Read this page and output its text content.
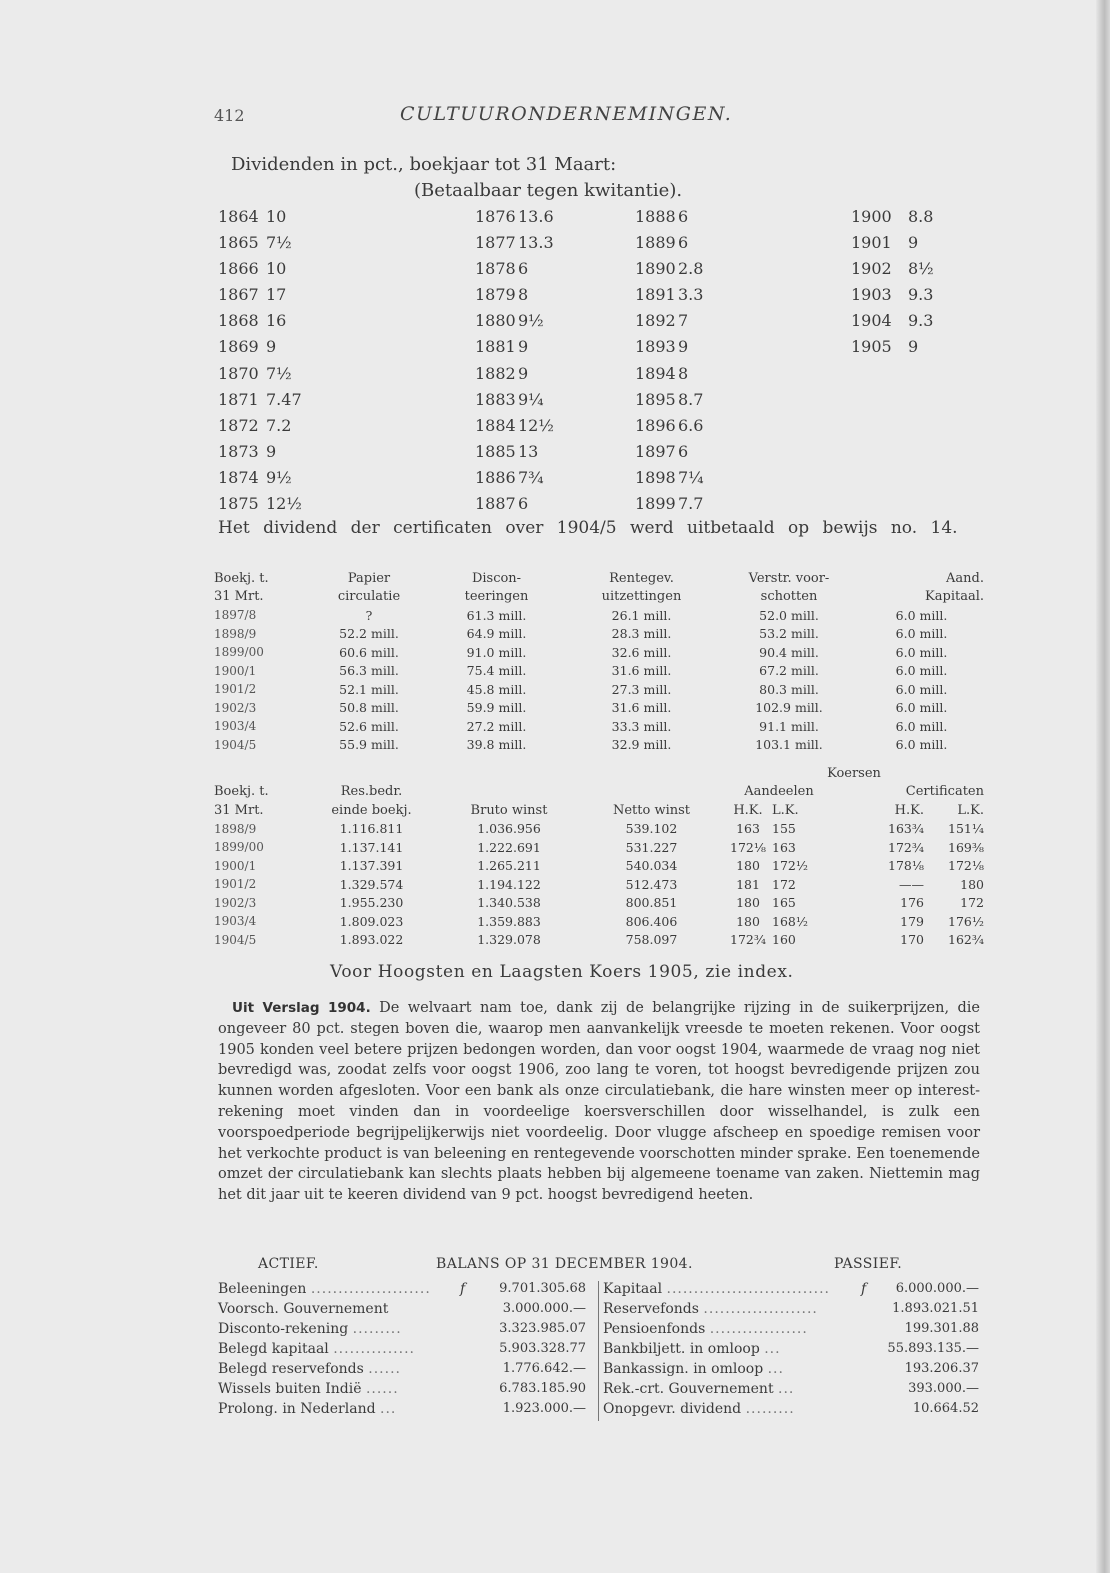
412	CULTUURONDERNEMINGEN.
Dividenden in pct., boekjaar tot 31 Maart:
(Betaalbaar tegen kwitantie).
1864 10	1876 13.6	1888 6	1900 8.8
1865 7½	1877 13.3	1889 6	1901 9
1866 10	1878 6	1890 2.8	1902 8½
1867 17	1879 8	1891 3.3	1903 9.3
1868 16	1880 9½	1892 7	1904 9.3
1869 9	1881 9	1893 9	1905 9
1870 7½	1882 9	1894 8
1871 7.47	1883 9¼	1895 8.7
1872 7.2	1884 12½	1896 6.6
1873 9	1885 13	1897 6
1874 9½	1886 7¾	1898 7¼
1875 12½	1887 6	1899 7.7
Het dividend der certificaten over 1904/5 werd uitbetaald op bewijs no. 14.
Boekj. t.	Papier	Discon-	Rentegev.	Verstr. voor-	Aand.
31 Mrt.	circulatie	teeringen	uitzettingen	schotten	Kapitaal.
1897/8	?	61.3 mill.	26.1 mill.	52.0 mill.	6.0 mill.
1898/9	52.2 mill.	64.9 mill.	28.3 mill.	53.2 mill.	6.0 mill.
1899/00	60.6 mill.	91.0 mill.	32.6 mill.	90.4 mill.	6.0 mill.
1900/1	56.3 mill.	75.4 mill.	31.6 mill.	67.2 mill.	6.0 mill.
1901/2	52.1 mill.	45.8 mill.	27.3 mill.	80.3 mill.	6.0 mill.
1902/3	50.8 mill.	59.9 mill.	31.6 mill.	102.9 mill.	6.0 mill.
1903/4	52.6 mill.	27.2 mill.	33.3 mill.	91.1 mill.	6.0 mill.
1904/5	55.9 mill.	39.8 mill.	32.9 mill.	103.1 mill.	6.0 mill.
				Koersen			
Boekj. t.	Res.bedr.			Aandeelen		Certificaten	
31 Mrt.	einde boekj.	Bruto winst	Netto winst	H.K.	L.K.	H.K.	L.K.
1898/9	1.116.811	1.036.956	539.102	163	155	163¾	151¼
1899/00	1.137.141	1.222.691	531.227	172⅛	163	172¾	169⅜
1900/1	1.137.391	1.265.211	540.034	180	172½	178⅛	172⅛
1901/2	1.329.574	1.194.122	512.473	181	172	——	180
1902/3	1.955.230	1.340.538	800.851	180	165	176	172
1903/4	1.809.023	1.359.883	806.406	180	168½	179	176½
1904/5	1.893.022	1.329.078	758.097	172¾	160	170	162¾
Voor Hoogsten en Laagsten Koers 1905, zie index.
Uit Verslag 1904. De welvaart nam toe, dank zij de belangrijke rijzing in de suikerprijzen, die ongeveer 80 pct. stegen boven die, waarop men aanvankelijk vreesde te moeten rekenen. Voor oogst 1905 konden veel betere prijzen bedongen worden, dan voor oogst 1904, waarmede de vraag nog niet bevredigd was, zoodat zelfs voor oogst 1906, zoo lang te voren, tot hoogst bevredigende prijzen zou kunnen worden afgesloten. Voor een bank als onze circulatiebank, die hare winsten meer op interest-rekening moet vinden dan in voordeelige koersverschillen door wisselhandel, is zulk een voorspoedperiode begrijpelijkerwijs niet voordeelig. Door vlugge afscheep en spoedige remisen voor het verkochte product is van beleening en rentegevende voorschotten minder sprake. Een toenemende omzet der circulatiebank kan slechts plaats hebben bij algemeene toename van zaken. Niettemin mag het dit jaar uit te keeren dividend van 9 pct. hoogst bevredigend heeten.
ACTIEF.	BALANS OP 31 DECEMBER 1904.	PASSIEF.
Beleeningen ...................... f	9.701.305.68
Voorsch. Gouvernement	3.000.000.—
Disconto-rekening .........	3.323.985.07
Belegd kapitaal ...............	5.903.328.77
Belegd reservefonds ......	1.776.642.—
Wissels buiten Indië ......	6.783.185.90
Prolong. in Nederland ...	1.923.000.—
Kapitaal .............................. f 6.000.000.—
Reservefonds .....................	1.893.021.51
Pensioenfonds ..................	199.301.88
Bankbiljett. in omloop ...	55.893.135.—
Bankassign. in omloop ...	193.206.37
Rek.-crt. Gouvernement ...	393.000.—
Onopgevr. dividend .........	10.664.52
